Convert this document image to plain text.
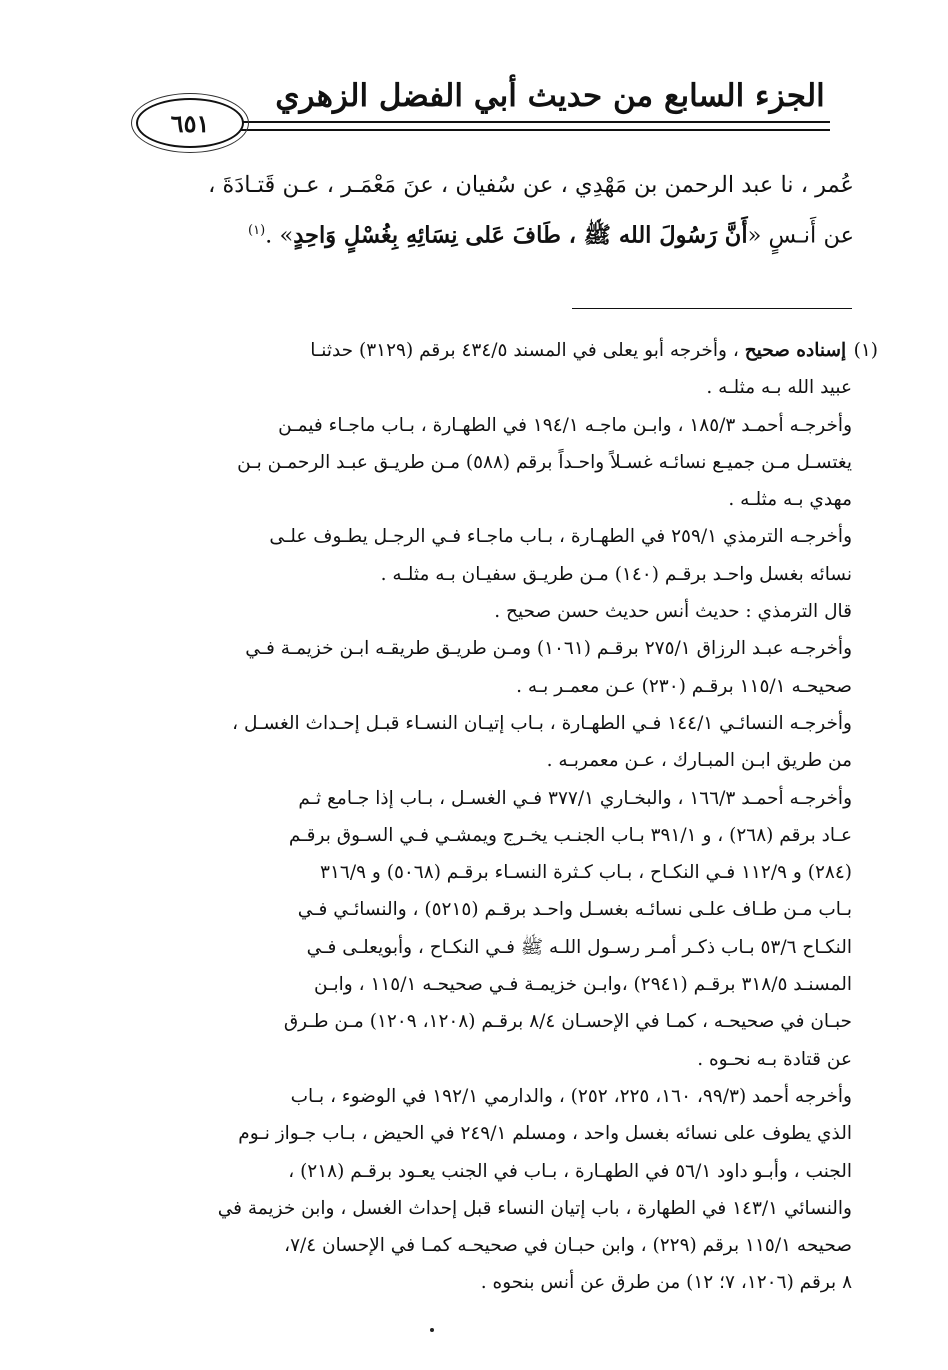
الجزء السابع من حديث أبي الفضل الزهري
٦٥١
عُمر ، نا عبد الرحمن بن مَهْدِي ، عن سُفيان ، عنَ مَعْمَـر ، عـن قَتـادَةَ ،
عن أَنـسٍ «أَنَّ رَسُولَ الله ﷺ ، طَافَ عَلى نِسَائِهِ بِغُسْلٍ وَاحِدٍ» .$^{(١)}$
(١) إسناده صحيح ، وأخرجه أبو يعلى في المسند ٤٣٤/٥ برقم (٣١٢٩) حدثنـا
عبيد الله بـه مثلـه .
وأخرجـه أحمـد ١٨٥/٣ ، وابـن ماجـه ١٩٤/١ في الطهـارة ، بـاب ماجـاء فيمـن
يغتسـل مـن جميـع نسائـه غسـلاً واحـداً برقم (٥٨٨) مـن طريـق عبـد الرحمـن بـن
مهدي بـه مثلـه .
وأخرجـه الترمذي ٢٥٩/١ في الطهـارة ، بـاب ماجـاء فـي الرجـل يطـوف علـى
نسائه بغسل واحـد برقـم (١٤٠) مـن طريـق سفيـان بـه مثلـه .
قال الترمذي : حديث أنس حديث حسن صحيح .
وأخرجـه عبـد الرزاق ٢٧٥/١ برقـم (١٠٦١) ومـن طريـق طريقـه ابـن خزيمـة فـي
صحيحـه ١١٥/١ برقـم (٢٣٠) عـن معمـر بـه .
وأخرجـه النسائـي ١٤٤/١ فـي الطهـارة ، بـاب إتيـان النسـاء قبـل إحـداث الغسـل ،
من طريق ابـن المبـارك ، عـن معمربـه .
وأخرجـه أحمـد ١٦٦/٣ ، والبخـاري ٣٧٧/١ فـي الغسـل ، بـاب إذا جـامع ثـم
عـاد برقم (٢٦٨) ، و ٣٩١/١ بـاب الجنـب يخـرج ويمشـي فـي السـوق برقـم
(٢٨٤) و ١١٢/٩ فـي النكـاح ، بـاب كـثرة النسـاء برقـم (٥٠٦٨) و ٣١٦/٩
بـاب مـن طـاف علـى نسائـه بغسـل واحـد برقـم (٥٢١٥) ، والنسائـي فـي
النكـاح ٥٣/٦ بـاب ذكـر أمـر رسـول اللـه ﷺ فـي النكـاح ، وأبويعلـى فـي
المسنـد ٣١٨/٥ برقـم (٢٩٤١) ،وابـن خزيمـة فـي صحيحـه ١١٥/١ ، وابـن
حبـان في صحيحـه ، كمـا في الإحسـان ٨/٤ برقـم (١٢٠٨، ١٢٠٩) مـن طـرق
عن قتادة بـه نحـوه .
وأخرجه أحمد (٩٩/٣، ١٦٠، ٢٢٥، ٢٥٢) ، والدارمي ١٩٢/١ في الوضوء ، بـاب
الذي يطوف على نسائه بغسل واحد ، ومسلم ٢٤٩/١ في الحيض ، بـاب جـواز نـوم
الجنب ، وأبـو داود ٥٦/١ في الطهـارة ، بـاب في الجنب يعـود برقـم (٢١٨) ،
والنسائي ١٤٣/١ في الطهارة ، باب إتيان النساء قبل إحداث الغسل ، وابن خزيمة في
صحيحه ١١٥/١ برقم (٢٢٩) ، وابن حبـان في صحيحـه كمـا في الإحسان ٧/٤،
٨ برقم (١٢٠٦، ٧؛ ١٢) من طرق عن أنس بنحوه .
